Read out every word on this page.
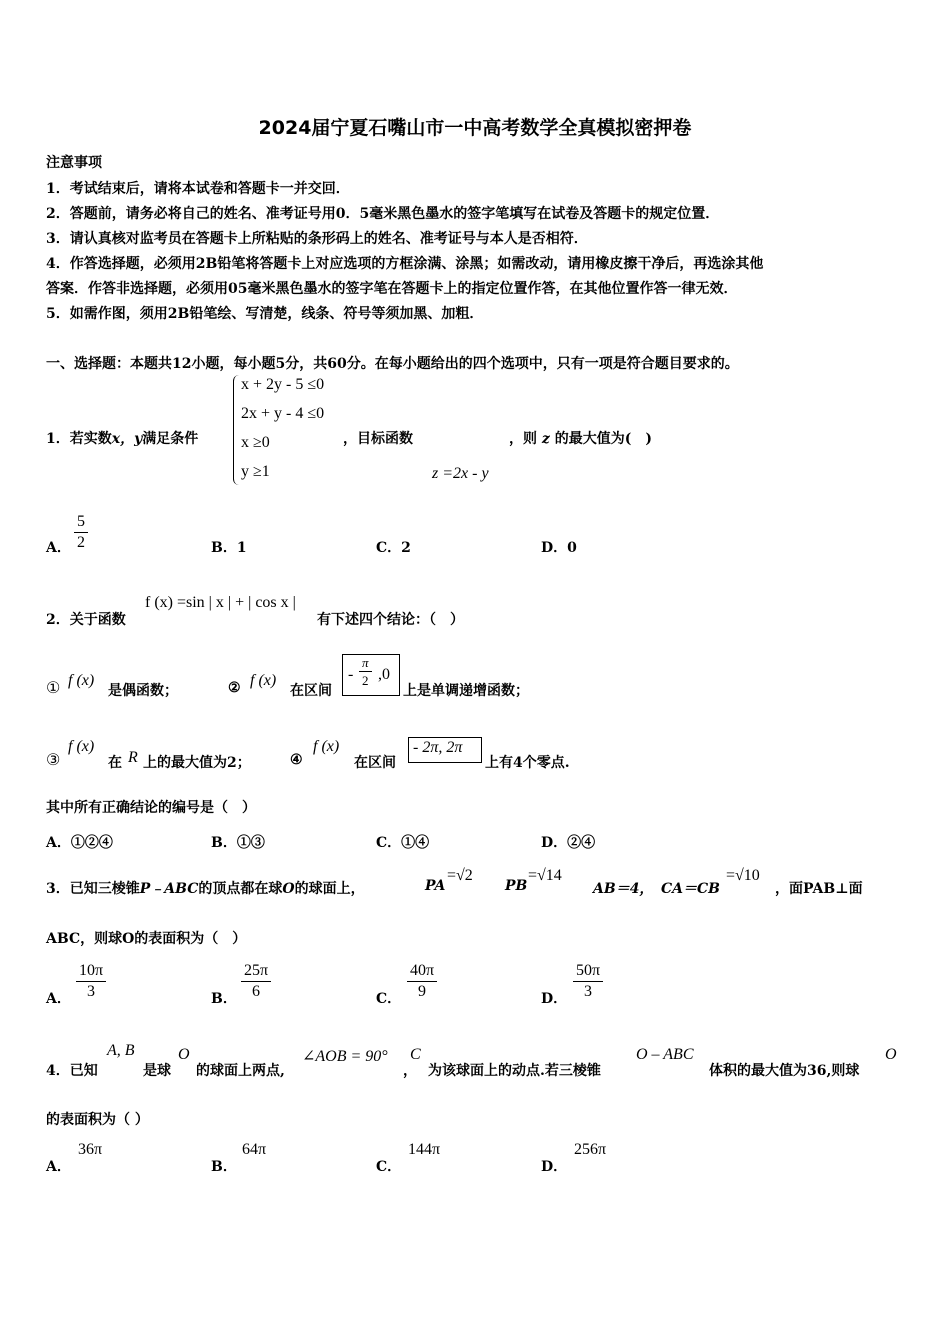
2024届宁夏石嘴山市一中高考数学全真模拟密押卷
注意事项
1．考试结束后，请将本试卷和答题卡一并交回．
2．答题前，请务必将自己的姓名、准考证号用0．5毫米黑色墨水的签字笔填写在试卷及答题卡的规定位置．
3．请认真核对监考员在答题卡上所粘贴的条形码上的姓名、准考证号与本人是否相符．
4．作答选择题，必须用2B铅笔将答题卡上对应选项的方框涂满、涂黑；如需改动，请用橡皮擦干净后，再选涂其他
答案．作答非选择题，必须用05毫米黑色墨水的签字笔在答题卡上的指定位置作答，在其他位置作答一律无效．
5．如需作图，须用2B铅笔绘、写清楚，线条、符号等须加黑、加粗．
一、选择题：本题共12小题，每小题5分，共60分。在每小题给出的四个选项中，只有一项是符合题目要求的。
1．若实数x，y满足条件
x + 2y - 5 ≤0
2x + y - 4 ≤0
x ≥0
y ≥1
，目标函数
z =2x - y
，则 z 的最大值为(　)
A． $\frac{5}{2}$	B．1	C．2	D．0
2．关于函数
f (x) =sin | x | + | cos x |
有下述四个结论：（　）
① f (x)
是偶函数；	② f (x)
在区间
- $\frac{\pi}{2} ,0$
上是单调递增函数；
③
f (x)
在 R 上的最大值为2；	④
f (x)
在区间
- 2π, 2π
上有4个零点.
其中所有正确结论的编号是（　）
A．①②④	B．①③	C．①④	D．②④
3．已知三棱锥P﹣ABC的顶点都在球O的球面上，	PA
=√2
PB
=√14
AB＝4， CA＝CB
=√10
，面PAB⊥面
ABC，则球O的表面积为（　）
A． $\frac{10\pi}{3}$	B． $\frac{25\pi}{6}$	C． $\frac{40\pi}{9}$	D． $\frac{50\pi}{3}$
4．已知
A, B
是球
O
的球面上两点,
∠AOB = 90°
，
C
为该球面上的动点.若三棱锥
O – ABC
体积的最大值为36,则球
O
的表面积为（ ）
A．
36π
B．
64π
C．
144π
D．
256π
